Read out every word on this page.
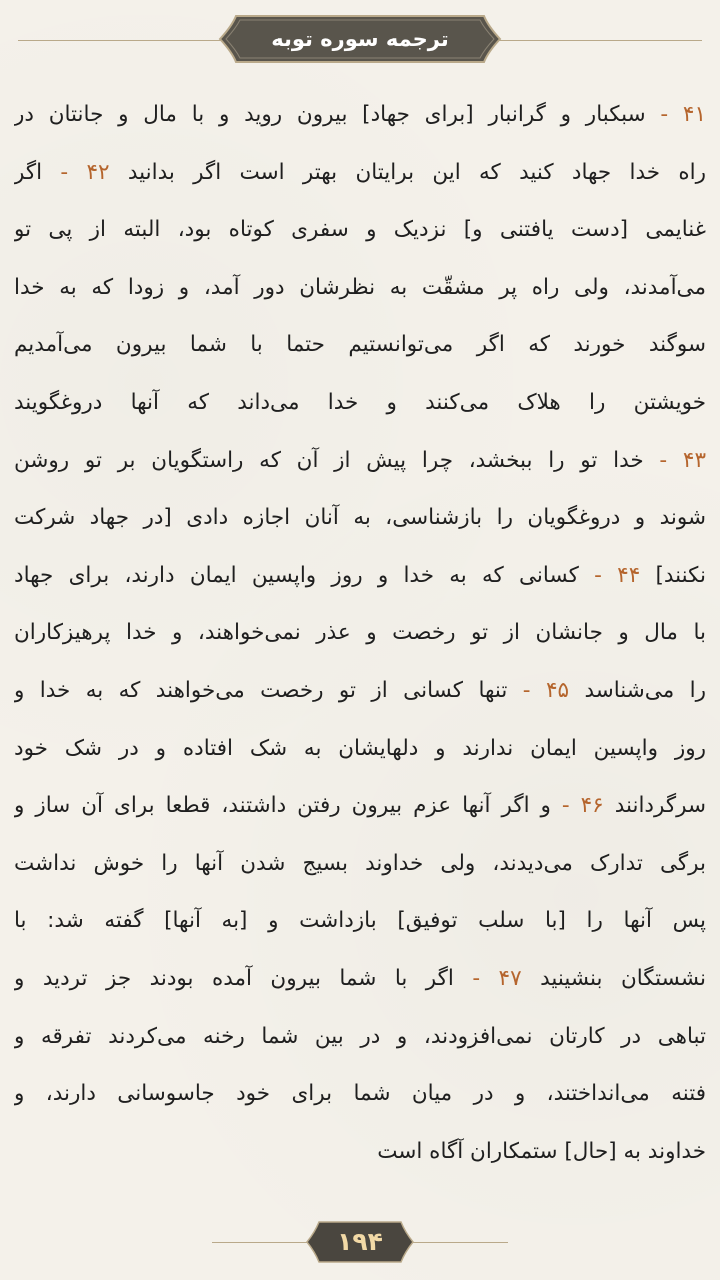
ترجمه سوره توبه
۴۱ - سبکبار و گرانبار [برای جهاد] بیرون روید و با مال و جانتان در
راه خدا جهاد کنید که این برایتان بهتر است اگر بدانید ۴۲ - اگر
غنایمی [دست یافتنی و] نزدیک و سفری کوتاه بود، البته از پی تو
می‌آمدند، ولی راه پر مشقّت به نظرشان دور آمد، و زودا که به خدا
سوگند خورند که اگر می‌توانستیم حتما با شما بیرون می‌آمدیم
خویشتن را هلاک می‌کنند و خدا می‌داند که آنها دروغگویند
۴۳ - خدا تو را ببخشد، چرا پیش از آن که راستگویان بر تو روشن
شوند و دروغگویان را بازشناسی، به آنان اجازه دادی [در جهاد شرکت
نکنند] ۴۴ - کسانی که به خدا و روز واپسین ایمان دارند، برای جهاد
با مال و جانشان از تو رخصت و عذر نمی‌خواهند، و خدا پرهیزکاران
را می‌شناسد ۴۵ - تنها کسانی از تو رخصت می‌خواهند که به خدا و
روز واپسین ایمان ندارند و دلهایشان به شک افتاده و در شک خود
سرگردانند ۴۶ - و اگر آنها عزم بیرون رفتن داشتند، قطعا برای آن ساز و
برگی تدارک می‌دیدند، ولی خداوند بسیج شدن آنها را خوش نداشت
پس آنها را [با سلب توفیق] بازداشت و [به آنها] گفته شد: با
نشستگان بنشینید ۴۷ - اگر با شما بیرون آمده بودند جز تردید و
تباهی در کارتان نمی‌افزودند، و در بین شما رخنه می‌کردند تفرقه و
فتنه می‌انداختند، و در میان شما برای خود جاسوسانی دارند، و
خداوند به [حال] ستمکاران آگاه است
۱۹۴
